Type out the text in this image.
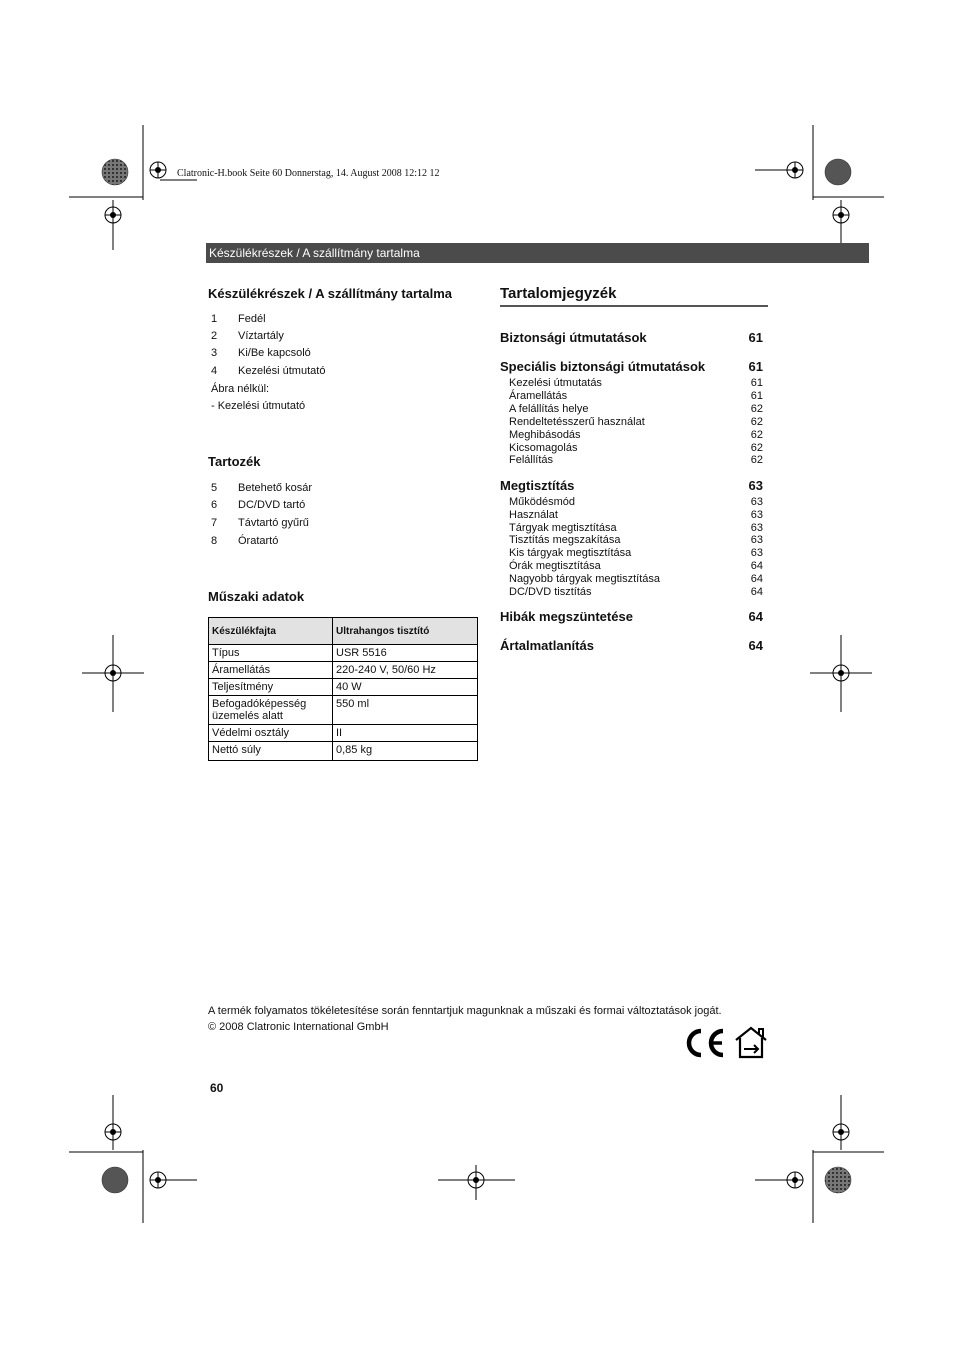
Clatronic-H.book Seite 60 Donnerstag, 14. August 2008 12:12 12
Készülékrészek / A szállítmány tartalma
Készülékrészek / A szállítmány tartalma
1	Fedél
2	Víztartály
3	Ki/Be kapcsoló
4	Kezelési útmutató
Ábra nélkül:
- Kezelési útmutató
Tartozék
5	Betehető kosár
6	DC/DVD tartó
7	Távtartó gyűrű
8	Óratartó
Műszaki adatok
Készülékfajta	Ultrahangos tisztító
Típus	USR 5516
Áramellátás	220-240 V, 50/60 Hz
Teljesítmény	40 W
Befogadóképesség üzemelés alatt	550 ml
Védelmi osztály	II
Nettó súly	0,85 kg
Tartalomjegyzék
Biztonsági útmutatások	61
Speciális biztonsági útmutatások	61
Kezelési útmutatás	61
Áramellátás	61
A felállítás helye	62
Rendeltetésszerű használat	62
Meghibásodás	62
Kicsomagolás	62
Felállítás	62
Megtisztítás	63
Működésmód	63
Használat	63
Tárgyak megtisztítása	63
Tisztítás megszakítása	63
Kis tárgyak megtisztítása	63
Órák megtisztítása	64
Nagyobb tárgyak megtisztítása	64
DC/DVD tisztítás	64
Hibák megszüntetése	64
Ártalmatlanítás	64
A termék folyamatos tökéletesítése során fenntartjuk magunknak a műszaki és formai változtatások jogát.
© 2008 Clatronic International GmbH
60
